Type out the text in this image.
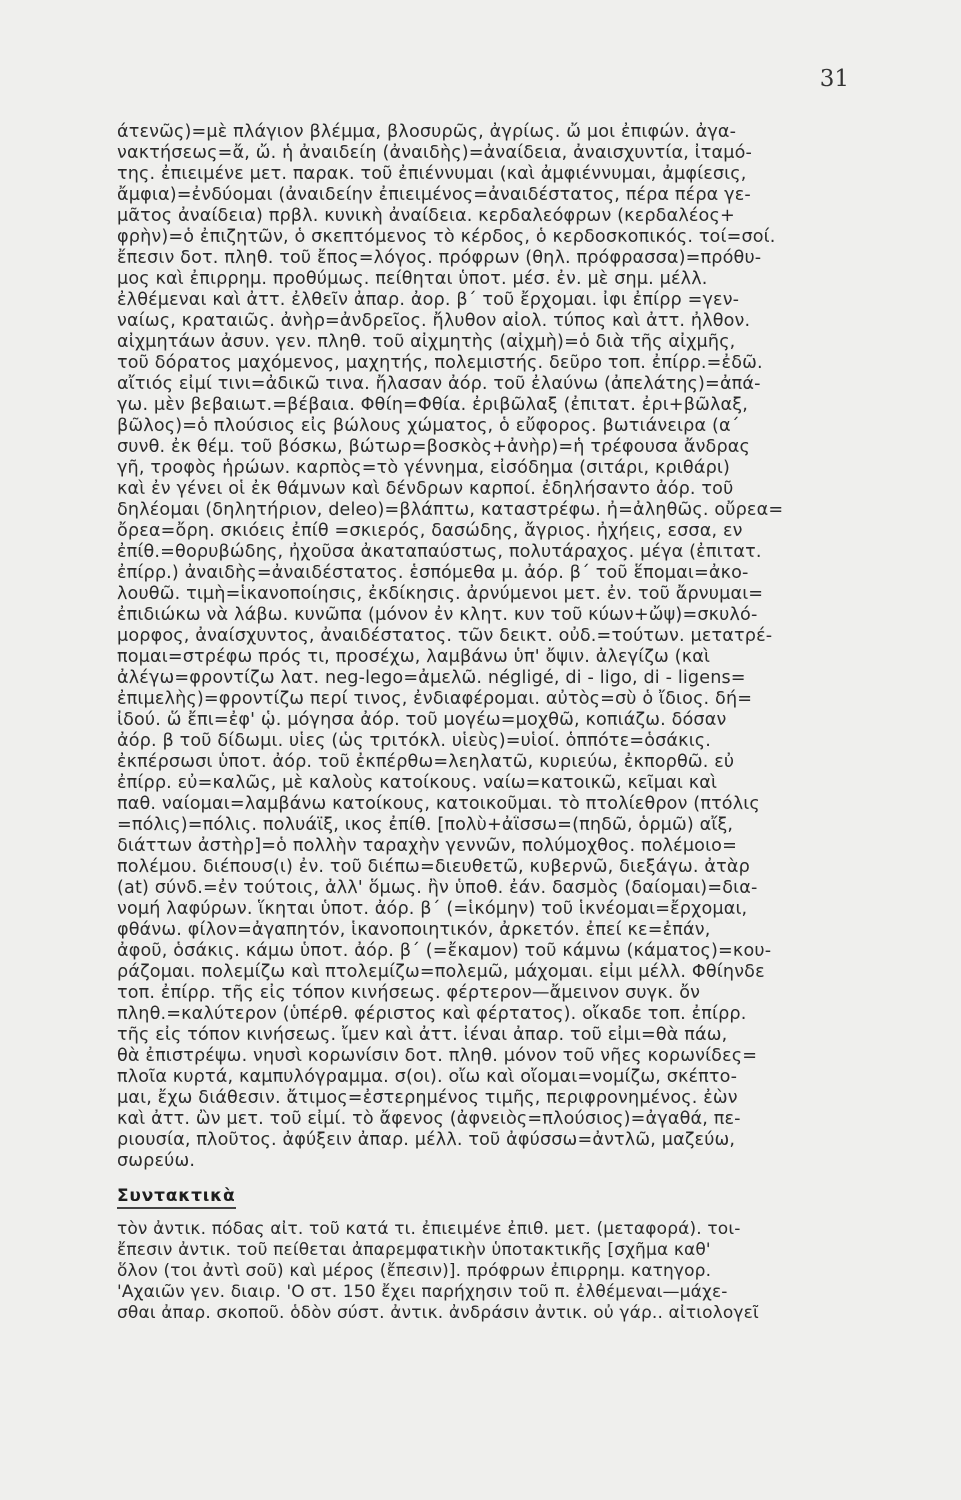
31
άτενῶς)=μὲ πλάγιον βλέμμα, βλοσυρῶς, ἀγρίως. ὤ μοι ἐπιφών. ἀγα-
νακτήσεως=ἄ, ὤ. ἡ ἀναιδείη (ἀναιδὴς)=ἀναίδεια, ἀναισχυντία, ἰταμό-
της. ἐπιειμένε μετ. παρακ. τοῦ ἐπιέννυμαι (καὶ ἀμφιέννυμαι, ἀμφίεσις,
ἄμφια)=ἐνδύομαι (ἀναιδείην ἐπιειμένος=ἀναιδέστατος, πέρα πέρα γε-
μᾶτος ἀναίδεια) πρβλ. κυνικὴ ἀναίδεια. κερδαλεόφρων (κερδαλέος+
φρὴν)=ὁ ἐπιζητῶν, ὁ σκεπτόμενος τὸ κέρδος, ὁ κερδοσκοπικός. τοί=σοί.
ἔπεσιν δοτ. πληθ. τοῦ ἔπος=λόγος. πρόφρων (θηλ. πρόφρασσα)=πρόθυ-
μος καὶ ἐπιρρημ. προθύμως. πείθηται ὑποτ. μέσ. ἐν. μὲ σημ. μέλλ.
ἐλθέμεναι καὶ ἀττ. ἐλθεῖν ἀπαρ. ἀορ. β΄ τοῦ ἔρχομαι. ἶφι ἐπίρρ =γεν-
ναίως, κραταιῶς. ἀνὴρ=ἀνδρεῖος. ἤλυθον αἰολ. τύπος καὶ ἀττ. ἦλθον.
αἰχμητάων ἀσυν. γεν. πληθ. τοῦ αἰχμητὴς (αἰχμὴ)=ὁ διὰ τῆς αἰχμῆς,
τοῦ δόρατος μαχόμενος, μαχητής, πολεμιστής. δεῦρο τοπ. ἐπίρρ.=ἐδῶ.
αἴτιός εἰμί τινι=ἀδικῶ τινα. ἤλασαν ἀόρ. τοῦ ἐλαύνω (ἀπελάτης)=ἀπά-
γω. μὲν βεβαιωτ.=βέβαια. Φθίη=Φθία. ἐριβῶλαξ (ἐπιτατ. ἐρι+βῶλαξ,
βῶλος)=ὁ πλούσιος εἰς βώλους χώματος, ὁ εὔφορος. βωτιάνειρα (α΄
συνθ. ἐκ θέμ. τοῦ βόσκω, βώτωρ=βοσκὸς+ἀνὴρ)=ἡ τρέφουσα ἄνδρας
γῆ, τροφὸς ἡρώων. καρπὸς=τὸ γέννημα, εἰσόδημα (σιτάρι, κριθάρι)
καὶ ἐν γένει οἱ ἐκ θάμνων καὶ δένδρων καρποί. ἐδηλήσαντο ἀόρ. τοῦ
δηλέομαι (δηλητήριον, deleo)=βλάπτω, καταστρέφω. ἦ=ἀληθῶς. οὔρεα=
ὄρεα=ὄρη. σκιόεις ἐπίθ =σκιερός, δασώδης, ἄγριος. ἠχήεις, εσσα, εν
ἐπίθ.=θορυβώδης, ἠχοῦσα ἀκαταπαύστως, πολυτάραχος. μέγα (ἐπιτατ.
ἐπίρρ.) ἀναιδὴς=ἀναιδέστατος. ἑσπόμεθα μ. ἀόρ. β΄ τοῦ ἕπομαι=ἀκο-
λουθῶ. τιμὴ=ἱκανοποίησις, ἐκδίκησις. ἀρνύμενοι μετ. ἐν. τοῦ ἄρνυμαι=
ἐπιδιώκω νὰ λάβω. κυνῶπα (μόνον ἐν κλητ. κυν τοῦ κύων+ὤψ)=σκυλό-
μορφος, ἀναίσχυντος, ἀναιδέστατος. τῶν δεικτ. οὐδ.=τούτων. μετατρέ-
πομαι=στρέφω πρός τι, προσέχω, λαμβάνω ὑπ' ὄψιν. ἀλεγίζω (καὶ
ἀλέγω=φροντίζω λατ. neg-lego=ἀμελῶ. négligé, di - ligo, di - ligens=
ἐπιμελὴς)=φροντίζω περί τινος, ἐνδιαφέρομαι. αὐτὸς=σὺ ὁ ἴδιος. δή=
ἰδού. ὥ ἔπι=ἐφ' ᾧ. μόγησα ἀόρ. τοῦ μογέω=μοχθῶ, κοπιάζω. δόσαν
ἀόρ. β τοῦ δίδωμι. υἷες (ὡς τριτόκλ. υἱεὺς)=υἱοί. ὁππότε=ὁσάκις.
ἐκπέρσωσι ὑποτ. ἀόρ. τοῦ ἐκπέρθω=λεηλατῶ, κυριεύω, ἐκπορθῶ. εὖ
ἐπίρρ. εὖ=καλῶς, μὲ καλοὺς κατοίκους. ναίω=κατοικῶ, κεῖμαι καὶ
παθ. ναίομαι=λαμβάνω κατοίκους, κατοικοῦμαι. τὸ πτολίεθρον (πτόλις
=πόλις)=πόλις. πολυάϊξ, ικος ἐπίθ. [πολὺ+ἀΐσσω=(πηδῶ, ὁρμῶ) αἴξ,
διάττων ἀστὴρ]=ὁ πολλὴν ταραχὴν γεννῶν, πολύμοχθος. πολέμοιο=
πολέμου. διέπουσ(ι) ἐν. τοῦ διέπω=διευθετῶ, κυβερνῶ, διεξάγω. ἀτὰρ
(at) σύνδ.=ἐν τούτοις, ἀλλ' ὅμως. ἢν ὑποθ. ἐάν. δασμὸς (δαίομαι)=δια-
νομή λαφύρων. ἵκηται ὑποτ. ἀόρ. β΄ (=ἱκόμην) τοῦ ἱκνέομαι=ἔρχομαι,
φθάνω. φίλον=ἀγαπητόν, ἱκανοποιητικόν, ἀρκετόν. ἐπεί κε=ἐπάν,
ἀφοῦ, ὁσάκις. κάμω ὑποτ. ἀόρ. β΄ (=ἔκαμον) τοῦ κάμνω (κάματος)=κου-
ράζομαι. πολεμίζω καὶ πτολεμίζω=πολεμῶ, μάχομαι. εἶμι μέλλ. Φθίηνδε
τοπ. ἐπίρρ. τῆς εἰς τόπον κινήσεως. φέρτερον—ἄμεινον συγκ. ὄν
πληθ.=καλύτερον (ὑπέρθ. φέριστος καὶ φέρτατος). οἴκαδε τοπ. ἐπίρρ.
τῆς εἰς τόπον κινήσεως. ἴμεν καὶ ἀττ. ἰέναι ἀπαρ. τοῦ εἶμι=θὰ πάω,
θὰ ἐπιστρέψω. νηυσὶ κορωνίσιν δοτ. πληθ. μόνον τοῦ νῆες κορωνίδες=
πλοῖα κυρτά, καμπυλόγραμμα. σ(οι). οἴω καὶ οἴομαι=νομίζω, σκέπτο-
μαι, ἔχω διάθεσιν. ἄτιμος=ἐστερημένος τιμῆς, περιφρονημένος. ἐὼν
καὶ ἀττ. ὢν μετ. τοῦ εἰμί. τὸ ἄφενος (ἀφνειὸς=πλούσιος)=ἀγαθά, πε-
ριουσία, πλοῦτος. ἀφύξειν ἀπαρ. μέλλ. τοῦ ἀφύσσω=ἀντλῶ, μαζεύω,
σωρεύω.
Συντακτικὰ
τὸν ἀντικ. πόδας αἰτ. τοῦ κατά τι. ἐπιειμένε ἐπιθ. μετ. (μεταφορά). τοι-
ἔπεσιν ἀντικ. τοῦ πείθεται ἀπαρεμφατικὴν ὑποτακτικῆς [σχῆμα καθ'
ὅλον (τοι ἀντὶ σοῦ) καὶ μέρος (ἔπεσιν)]. πρόφρων ἐπιρρημ. κατηγορ.
'Αχαιῶν γεν. διαιρ. 'Ο στ. 150 ἔχει παρήχησιν τοῦ π. ἐλθέμεναι—μάχε-
σθαι ἀπαρ. σκοποῦ. ὁδὸν σύστ. ἀντικ. ἀνδράσιν ἀντικ. οὐ γάρ.. αἰτιολογεῖ
